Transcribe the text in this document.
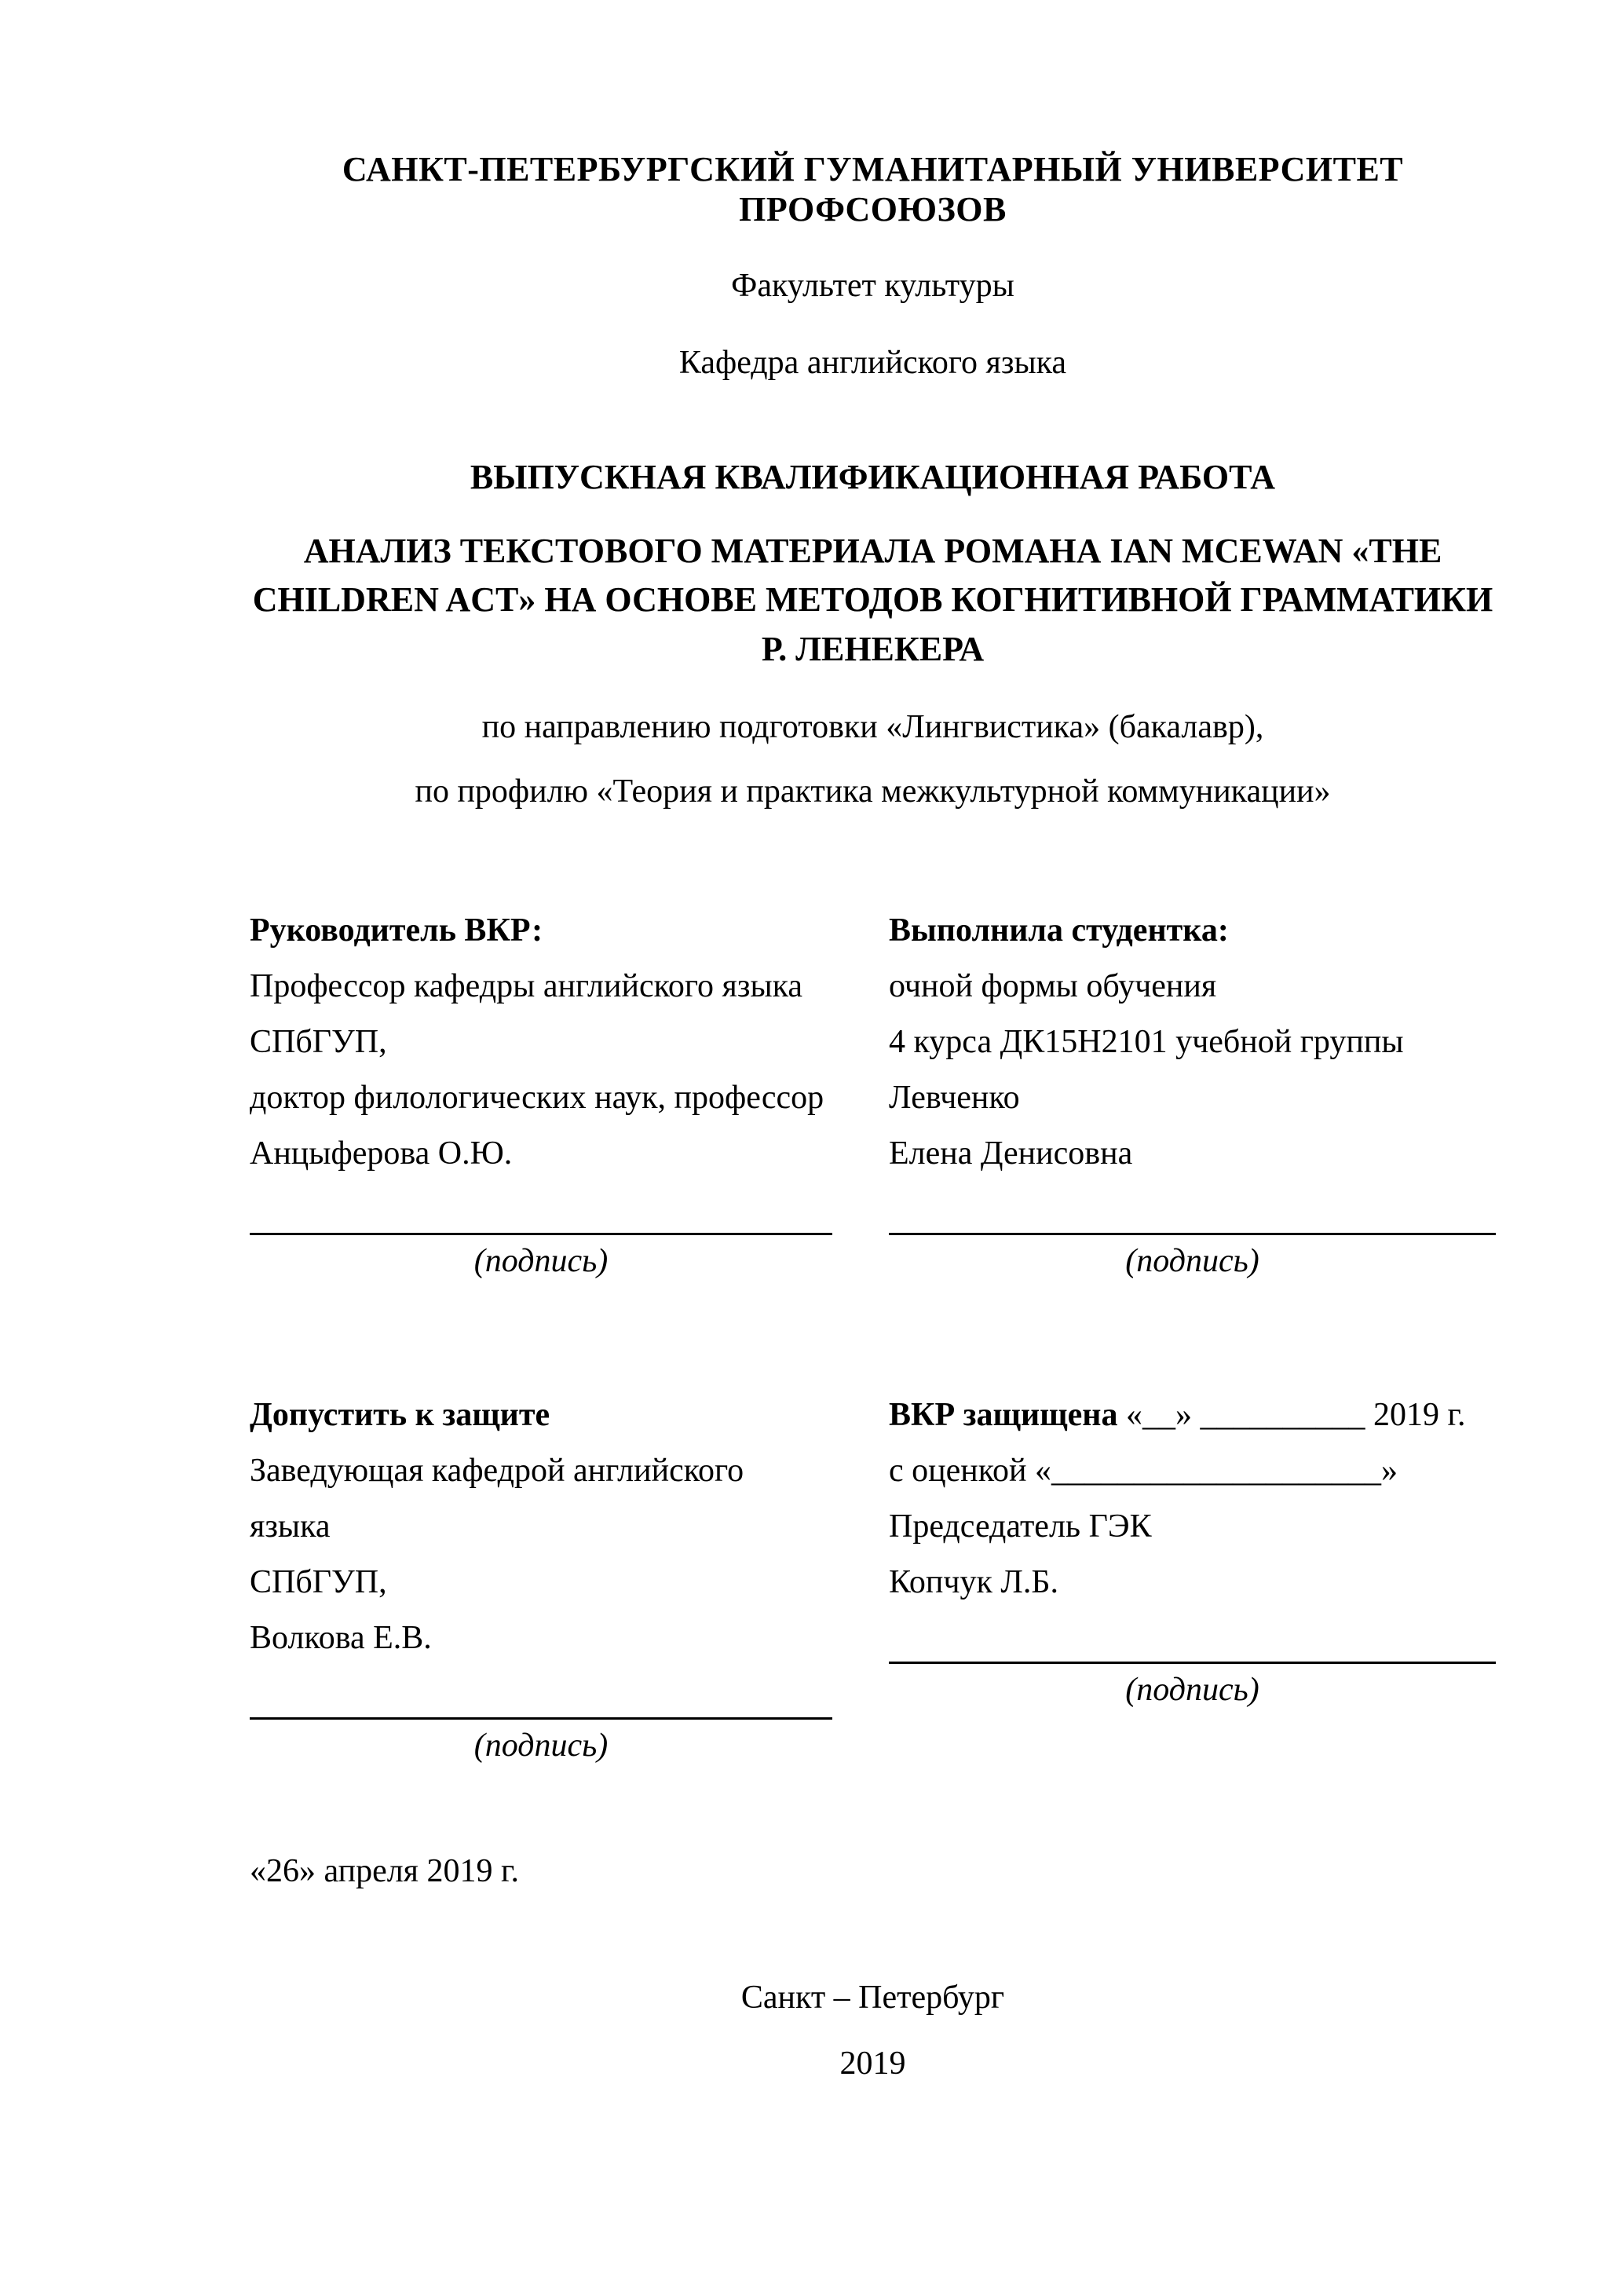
САНКТ-ПЕТЕРБУРГСКИЙ ГУМАНИТАРНЫЙ УНИВЕРСИТЕТ ПРОФСОЮЗОВ
Факультет культуры
Кафедра английского языка
ВЫПУСКНАЯ КВАЛИФИКАЦИОННАЯ РАБОТА
АНАЛИЗ ТЕКСТОВОГО МАТЕРИАЛА РОМАНА IAN MCEWAN «THE CHILDREN ACT» НА ОСНОВЕ МЕТОДОВ КОГНИТИВНОЙ ГРАММАТИКИ Р. ЛЕНЕКЕРА
по направлению подготовки «Лингвистика» (бакалавр),
по профилю «Теория и практика межкультурной коммуникации»
Руководитель ВКР:
Профессор кафедры английского языка
СПбГУП,
доктор филологических наук, профессор
Анцыферова О.Ю.
(подпись)
Выполнила студентка:
очной формы обучения
4 курса ДК15Н2101 учебной группы
Левченко
Елена Денисовна
(подпись)
Допустить к защите
Заведующая кафедрой английского языка
СПбГУП,
Волкова Е.В.
(подпись)
ВКР защищена «__» __________ 2019 г.
с оценкой «____________________»
Председатель ГЭК
Копчук Л.Б.
(подпись)
«26» апреля 2019 г.
Санкт – Петербург
2019
